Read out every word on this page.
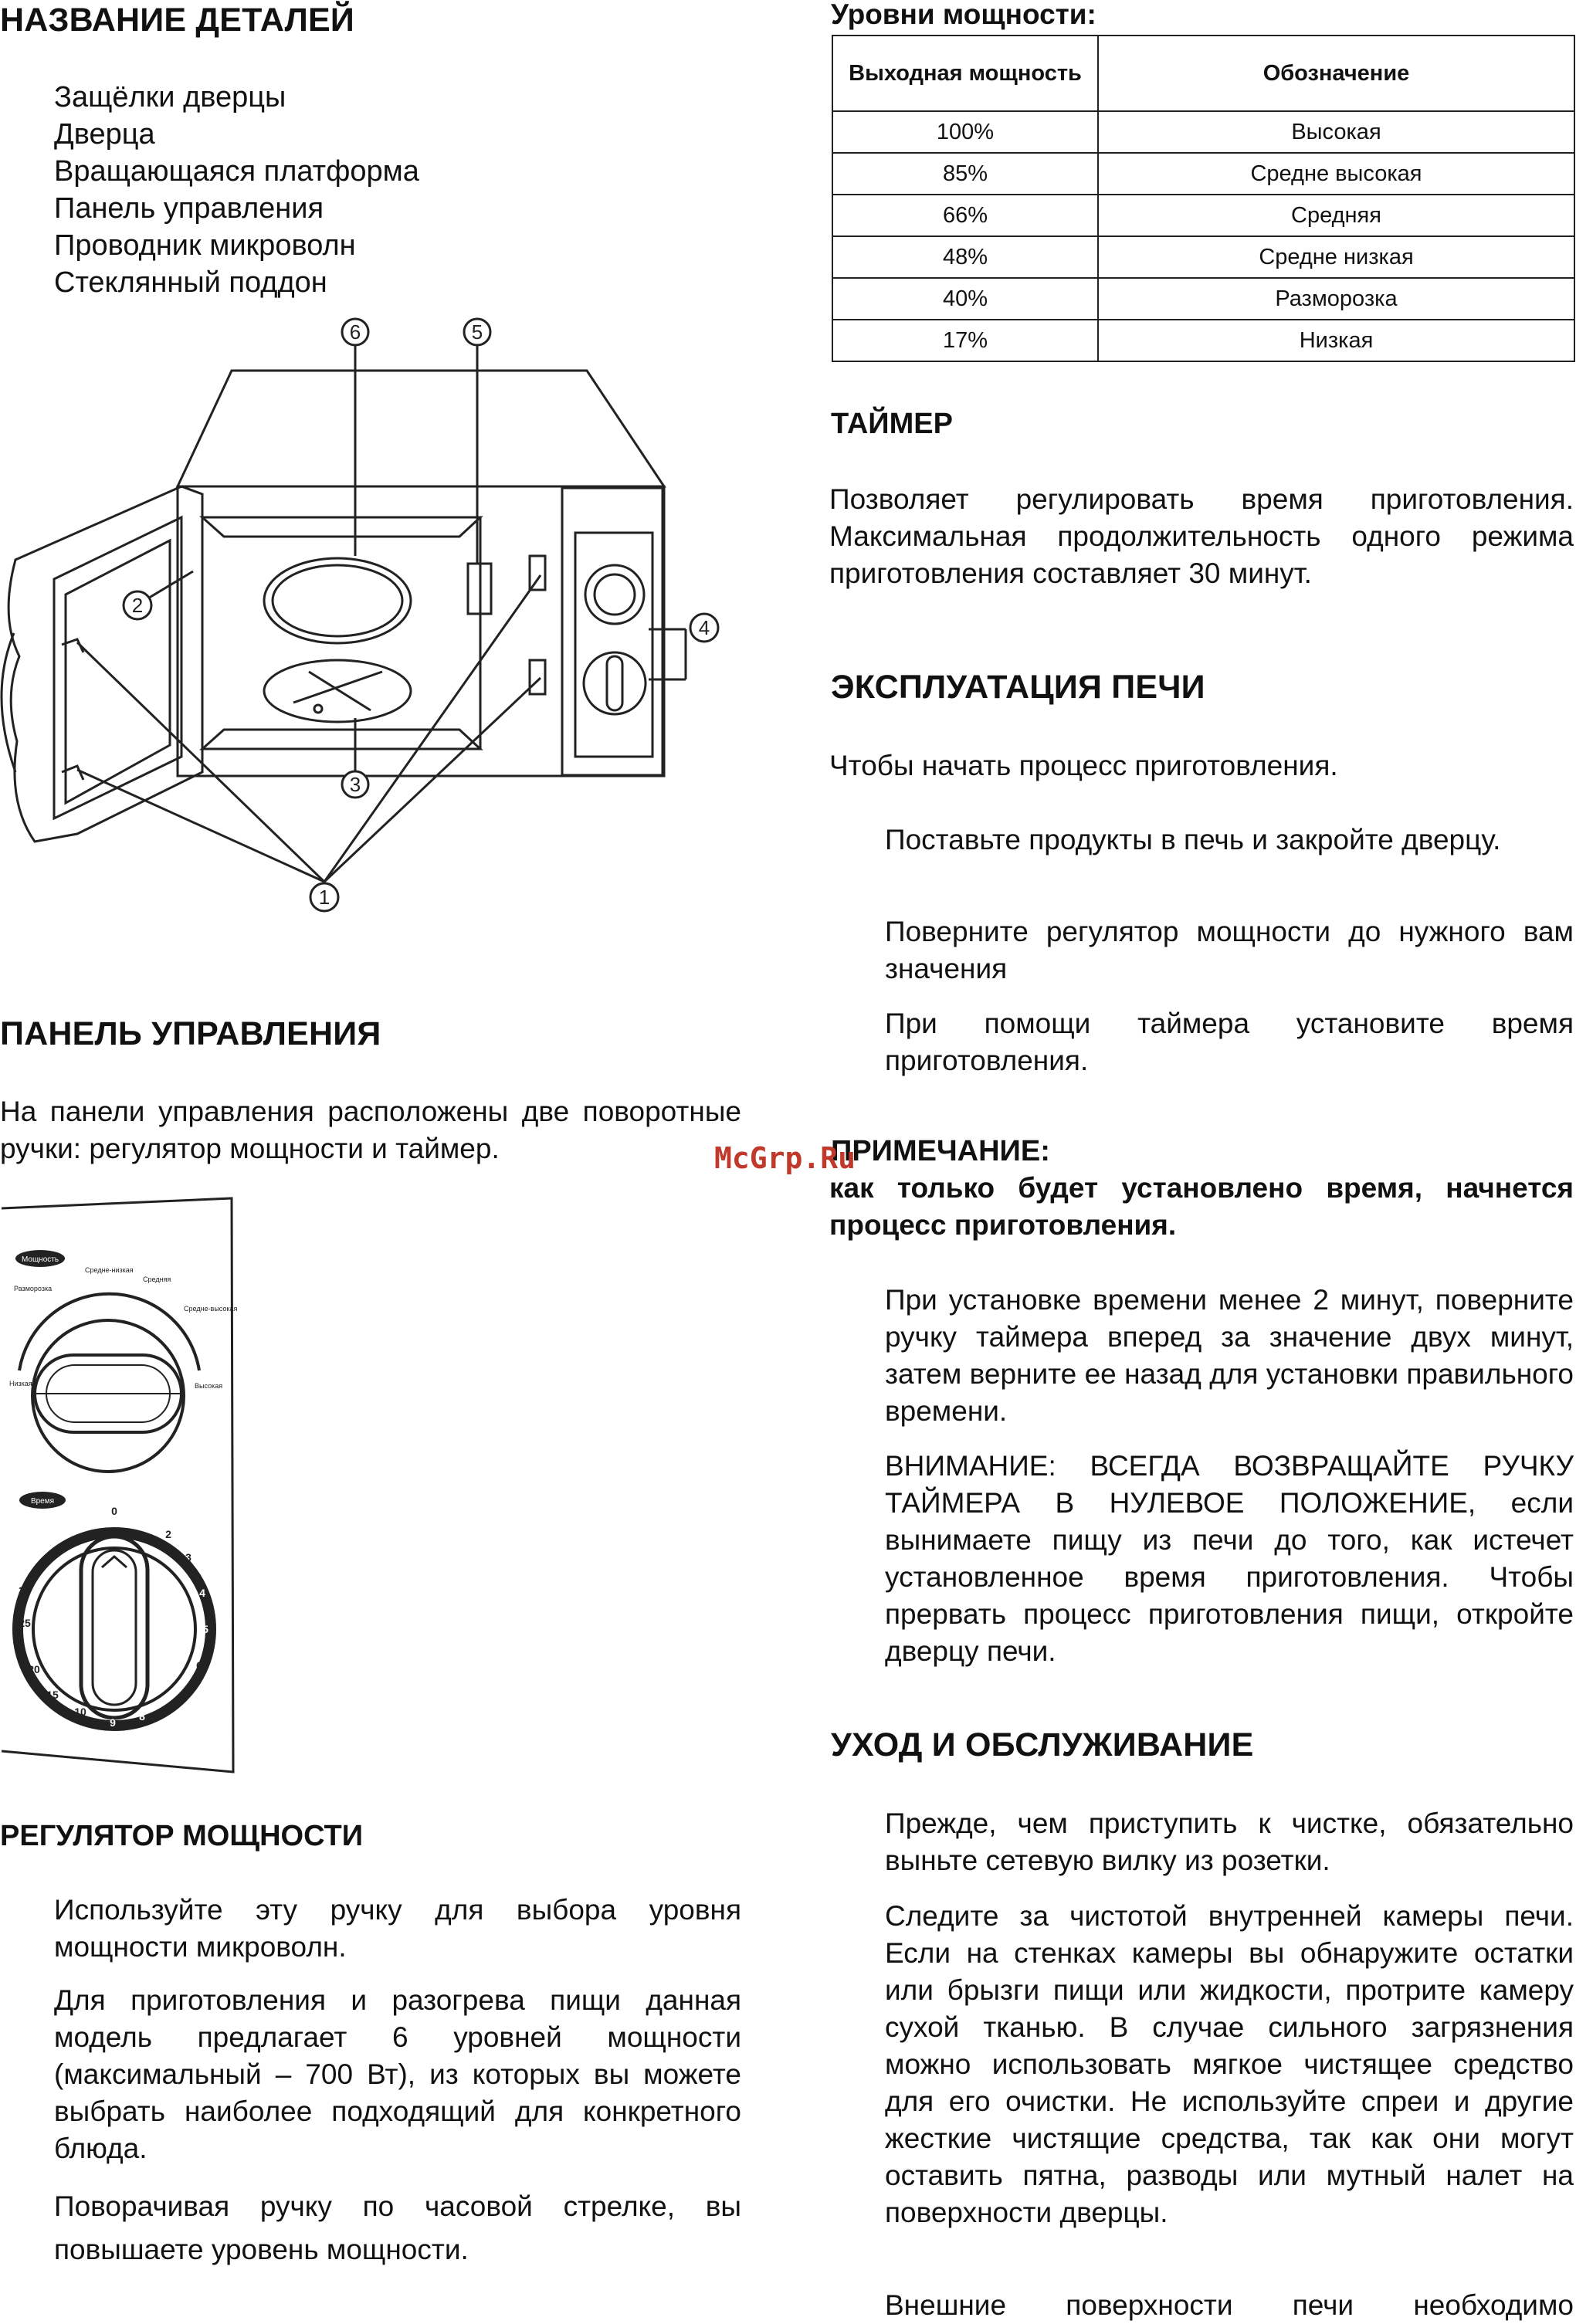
НАЗВАНИЕ ДЕТАЛЕЙ
Защёлки дверцы
Дверца
Вращающаяся платформа
Панель управления
Проводник микроволн
Стеклянный поддон
1
2
3
4
5
6
ПАНЕЛЬ УПРАВЛЕНИЯ

На панели управления расположены две поворотные ручки: регулятор мощности и таймер.

Мощность
Низкая
Разморозка
Средне-низкая
Средняя
Средне-высокая
Высокая
Время
0 1
2
3
4
5
6
7
8
9
10
15
20
25
30
РЕГУЛЯТОР МОЩНОСТИ

Используйте эту ручку для выбора уровня мощности микроволн.

Для приготовления и разогрева пищи данная модель предлагает 6 уровней мощности (максимальный – 700 Вт), из которых вы можете выбрать наиболее подходящий для конкретного блюда.

Поворачивая ручку по часовой стрелке, вы повышаете уровень мощности.

Уровни мощности:
Выходная мощность	Обозначение
100%	Высокая
85%	Средне высокая
66%	Средняя
48%	Средне низкая
40%	Разморозка
17%	Низкая
ТАЙМЕР

Позволяет регулировать время приготовления. Максимальная продолжительность одного режима приготовления составляет 30 минут.

ЭКСПЛУАТАЦИЯ ПЕЧИ

Чтобы начать процесс приготовления.

Поставьте продукты в печь и закройте дверцу.

Поверните регулятор мощности до нужного вам значения

При помощи таймера установите время приготовления.

ПРИМЕЧАНИЕ:

как только будет установлено время, начнется процесс приготовления.

McGrp.Ru

При установке времени менее 2 минут, поверните ручку таймера вперед за значение двух минут, затем верните ее назад для установки правильного времени.

ВНИМАНИЕ: ВСЕГДА ВОЗВРАЩАЙТЕ РУЧКУ ТАЙМЕРА В НУЛЕВОЕ ПОЛОЖЕНИЕ, если вынимаете пищу из печи до того, как истечет установленное время приготовления. Чтобы прервать процесс приготовления пищи, откройте дверцу печи.

УХОД И ОБСЛУЖИВАНИЕ

Прежде, чем приступить к чистке, обязательно выньте сетевую вилку из розетки.

Следите за чистотой внутренней камеры печи. Если на стенках камеры вы обнаружите остатки или брызги пищи или жидкости, протрите камеру сухой тканью. В случае сильного загрязнения можно использовать мягкое чистящее средство для его очистки. Не используйте спреи и другие жесткие чистящие средства, так как они могут оставить пятна, разводы или мутный налет на поверхности дверцы.

Внешние поверхности печи необходимо
